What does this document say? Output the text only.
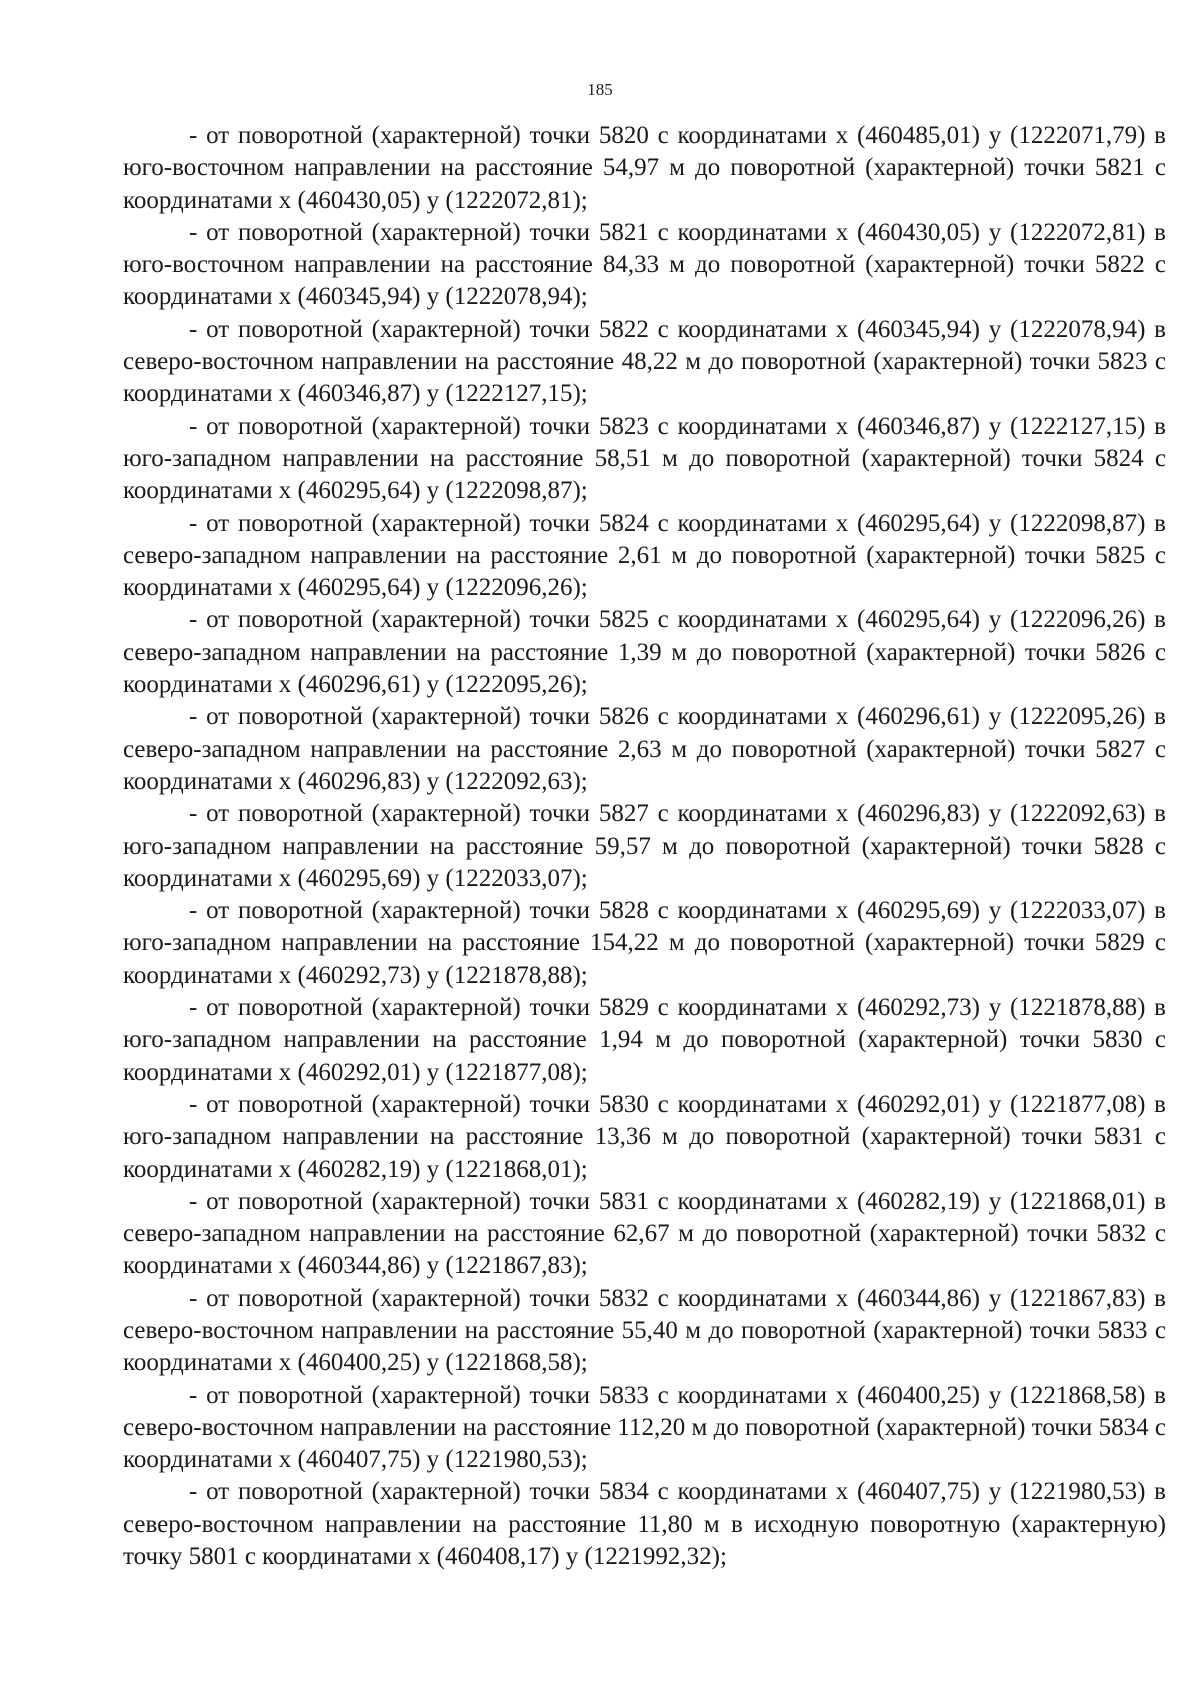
185

- от поворотной (характерной) точки 5820 с координатами х (460485,01) у (1222071,79) в юго-восточном направлении на расстояние 54,97 м до поворотной (характерной) точки 5821 с координатами х (460430,05) у (1222072,81);

- от поворотной (характерной) точки 5821 с координатами х (460430,05) у (1222072,81) в юго-восточном направлении на расстояние 84,33 м до поворотной (характерной) точки 5822 с координатами х (460345,94) у (1222078,94);

- от поворотной (характерной) точки 5822 с координатами х (460345,94) у (1222078,94) в северо-восточном направлении на расстояние 48,22 м до поворотной (характерной) точки 5823 с координатами х (460346,87) у (1222127,15);

- от поворотной (характерной) точки 5823 с координатами х (460346,87) у (1222127,15) в юго-западном направлении на расстояние 58,51 м до поворотной (характерной) точки 5824 с координатами х (460295,64) у (1222098,87);

- от поворотной (характерной) точки 5824 с координатами х (460295,64) у (1222098,87) в северо-западном направлении на расстояние 2,61 м до поворотной (характерной) точки 5825 с координатами х (460295,64) у (1222096,26);

- от поворотной (характерной) точки 5825 с координатами х (460295,64) у (1222096,26) в северо-западном направлении на расстояние 1,39 м до поворотной (характерной) точки 5826 с координатами х (460296,61) у (1222095,26);

- от поворотной (характерной) точки 5826 с координатами х (460296,61) у (1222095,26) в северо-западном направлении на расстояние 2,63 м до поворотной (характерной) точки 5827 с координатами х (460296,83) у (1222092,63);

- от поворотной (характерной) точки 5827 с координатами х (460296,83) у (1222092,63) в юго-западном направлении на расстояние 59,57 м до поворотной (характерной) точки 5828 с координатами х (460295,69) у (1222033,07);

- от поворотной (характерной) точки 5828 с координатами х (460295,69) у (1222033,07) в юго-западном направлении на расстояние 154,22 м до поворотной (характерной) точки 5829 с координатами х (460292,73) у (1221878,88);

- от поворотной (характерной) точки 5829 с координатами х (460292,73) у (1221878,88) в юго-западном направлении на расстояние 1,94 м до поворотной (характерной) точки 5830 с координатами х (460292,01) у (1221877,08);

- от поворотной (характерной) точки 5830 с координатами х (460292,01) у (1221877,08) в юго-западном направлении на расстояние 13,36 м до поворотной (характерной) точки 5831 с координатами х (460282,19) у (1221868,01);

- от поворотной (характерной) точки 5831 с координатами х (460282,19) у (1221868,01) в северо-западном направлении на расстояние 62,67 м до поворотной (характерной) точки 5832 с координатами х (460344,86) у (1221867,83);

- от поворотной (характерной) точки 5832 с координатами х (460344,86) у (1221867,83) в северо-восточном направлении на расстояние 55,40 м до поворотной (характерной) точки 5833 с координатами х (460400,25) у (1221868,58);

- от поворотной (характерной) точки 5833 с координатами х (460400,25) у (1221868,58) в северо-восточном направлении на расстояние 112,20 м до поворотной (характерной) точки 5834 с координатами х (460407,75) у (1221980,53);

- от поворотной (характерной) точки 5834 с координатами х (460407,75) у (1221980,53) в северо-восточном направлении на расстояние 11,80 м в исходную поворотную (характерную) точку 5801 с координатами х (460408,17) у (1221992,32);
